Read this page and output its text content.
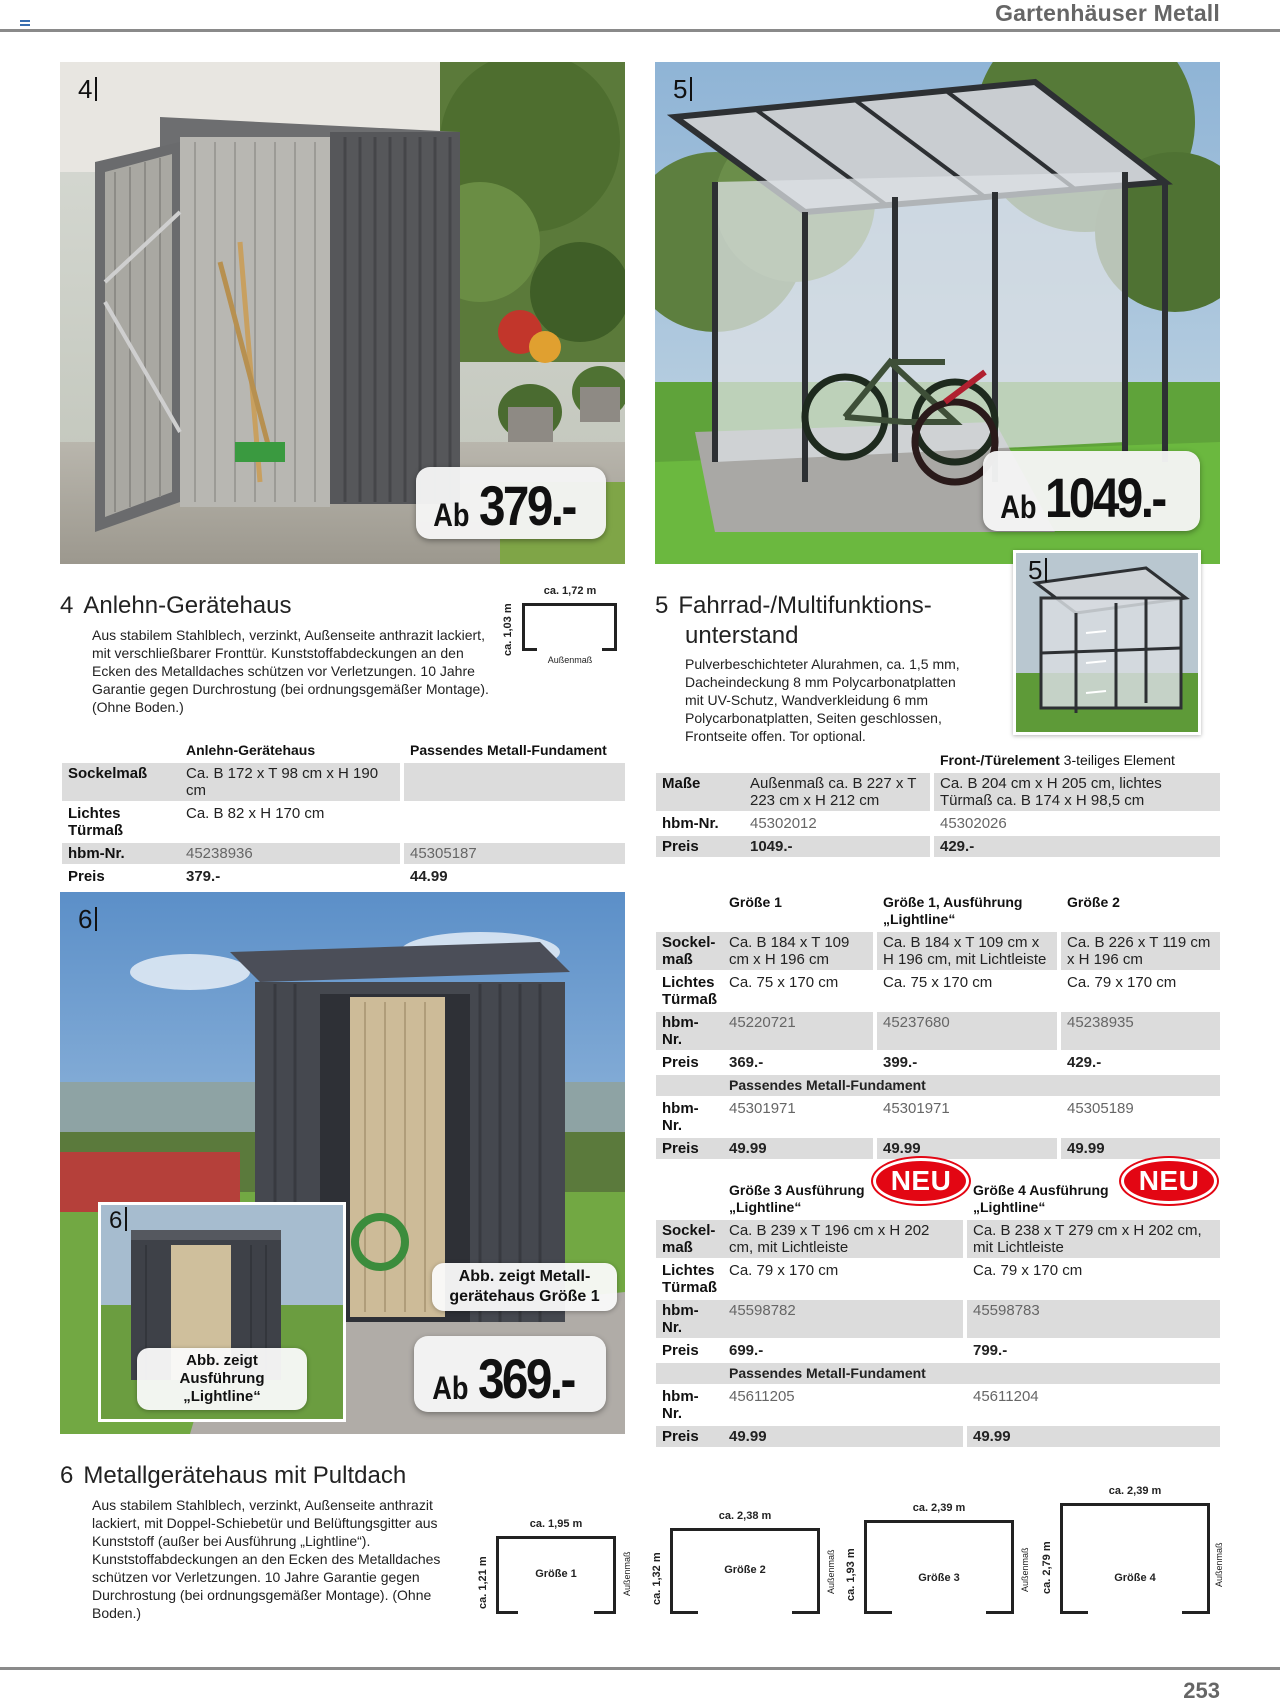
Gartenhäuser Metall
4
Ab 379.-
5
Ab 1049.-
5
4 Anlehn-Gerätehaus
Aus stabilem Stahlblech, verzinkt, Außenseite anthrazit lackiert, mit verschließbarer Fronttür. Kunststoffabdeckungen an den Ecken des Metalldaches schützen vor Verletzungen. 10 Jahre Garantie gegen Durchrostung (bei ordnungsgemäßer Montage). (Ohne Boden.)
ca. 1,72 m
ca. 1,03 m
Außenmaß
	Anlehn-Gerätehaus		Passendes Metall-Fundament
Sockelmaß	Ca. B 172 x T 98 cm x H 190 cm		
Lichtes Türmaß	Ca. B 82 x H 170 cm		
hbm-Nr.	45238936		45305187
Preis	379.-		44.99
5 Fahrrad-/Multifunktions-
unterstand
Pulverbeschichteter Alurahmen, ca. 1,5 mm, Dacheindeckung 8 mm Polycarbonatplatten mit UV-Schutz, Wandverkleidung 6 mm Polycarbonatplatten, Seiten geschlossen, Frontseite offen. Tor optional.
			Front-/Türelement 3-teiliges Element
Maße	Außenmaß ca. B 227 x T 223 cm x H 212 cm		Ca. B 204 cm x H 205 cm, lichtes Türmaß ca. B 174 x H 98,5 cm
hbm-Nr.	45302012		45302026
Preis	1049.-		429.-
6
6
Abb. zeigt
Ausführung „Lightline“
Abb. zeigt Metall-
gerätehaus Größe 1
Ab 369.-
	Größe 1		Größe 1, Ausführung „Lightline“		Größe 2
Sockel-maß	Ca. B 184 x T 109 cm x H 196 cm		Ca. B 184 x T 109 cm x H 196 cm, mit Lichtleiste		Ca. B 226 x T 119 cm x H 196 cm
Lichtes Türmaß	Ca. 75 x 170 cm		Ca. 75 x 170 cm		Ca. 79 x 170 cm
hbm-Nr.	45220721		45237680		45238935
Preis	369.-		399.-		429.-
	Passendes Metall-Fundament				
hbm-Nr.	45301971		45301971		45305189
Preis	49.99		49.99		49.99
NEU	NEU
	Größe 3 Ausführung „Lightline“		Größe 4 Ausführung „Lightline“
Sockel-maß	Ca. B 239 x T 196 cm x H 202 cm, mit Lichtleiste		Ca. B 238 x T 279 cm x H 202 cm, mit Lichtleiste
Lichtes Türmaß	Ca. 79 x 170 cm		Ca. 79 x 170 cm
hbm-Nr.	45598782		45598783
Preis	699.-		799.-
	Passendes Metall-Fundament		
hbm-Nr.	45611205		45611204
Preis	49.99		49.99
6 Metallgerätehaus mit Pultdach
Aus stabilem Stahlblech, verzinkt, Außenseite anthrazit lackiert, mit Doppel-Schiebetür und Belüftungsgitter aus Kunststoff (außer bei Ausführung „Lightline“). Kunststoffabdeckungen an den Ecken des Metalldaches schützen vor Verletzungen. 10 Jahre Garantie gegen Durchrostung (bei ordnungsgemäßer Montage). (Ohne Boden.)
ca. 1,95 m
Größe 1
ca. 1,21 m	Außenmaß
ca. 2,38 m
Größe 2
ca. 1,32 m	Außenmaß
ca. 2,39 m
Größe 3
ca. 1,93 m	Außenmaß
ca. 2,39 m
Größe 4
ca. 2,79 m	Außenmaß
253
